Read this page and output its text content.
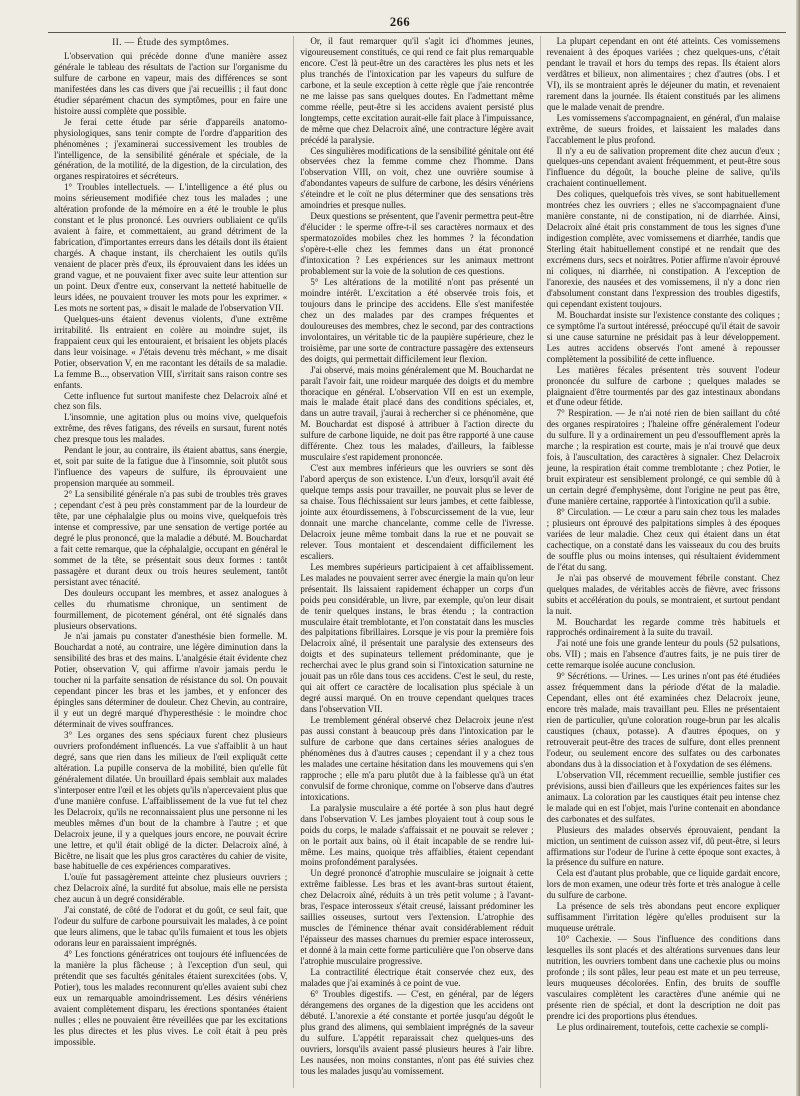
266
II. — Étude des symptômes.

L'observation qui précède donne d'une manière assez générale le tableau des résultats de l'action sur l'organisme du sulfure de carbone en vapeur, mais des différences se sont manifestées dans les cas divers que j'ai recueillis ; il faut donc étudier séparément chacun des symptômes, pour en faire une histoire aussi complète que possible.

Je ferai cette étude par série d'appareils anatomo-physiologiques, sans tenir compte de l'ordre d'apparition des phénomènes ; j'examinerai successivement les troubles de l'intelligence, de la sensibilité générale et spéciale, de la génération, de la motilité, de la digestion, de la circulation, des organes respiratoires et sécréteurs.

1° Troubles intellectuels. — L'intelligence a été plus ou moins sérieusement modifiée chez tous les malades ; une altération profonde de la mémoire en a été le trouble le plus constant et le plus prononcé. Les ouvriers oubliaient ce qu'ils avaient à faire, et commettaient, au grand détriment de la fabrication, d'importantes erreurs dans les détails dont ils étaient chargés. A chaque instant, ils cherchaient les outils qu'ils venaient de placer près d'eux, ils éprouvaient dans les idées un grand vague, et ne pouvaient fixer avec suite leur attention sur un point. Deux d'entre eux, conservant la netteté habituelle de leurs idées, ne pouvaient trouver les mots pour les exprimer. « Les mots ne sortent pas, » disait le malade de l'observation VII.

Quelques-uns étaient devenus violents, d'une extrême irritabilité. Ils entraient en colère au moindre sujet, ils frappaient ceux qui les entouraient, et brisaient les objets placés dans leur voisinage. « J'étais devenu très méchant, » me disait Potier, observation V, en me racontant les détails de sa maladie. La femme B..., observation VIII, s'irritait sans raison contre ses enfants.

Cette influence fut surtout manifeste chez Delacroix aîné et chez son fils.

L'insomnie, une agitation plus ou moins vive, quelquefois extrême, des rêves fatigans, des réveils en sursaut, furent notés chez presque tous les malades.

Pendant le jour, au contraire, ils étaient abattus, sans énergie, et, soit par suite de la fatigue due à l'insomnie, soit plutôt sous l'influence des vapeurs de sulfure, ils éprouvaient une propension marquée au sommeil.

2° La sensibilité générale n'a pas subi de troubles très graves ; cependant c'est à peu près constamment par de la lourdeur de tête, par une céphalalgie plus ou moins vive, quelquefois très intense et compressive, par une sensation de vertige portée au degré le plus prononcé, que la maladie a débuté. M. Bouchardat a fait cette remarque, que la céphalalgie, occupant en général le sommet de la tête, se présentait sous deux formes : tantôt passagère et durant deux ou trois heures seulement, tantôt persistant avec ténacité.

Des douleurs occupant les membres, et assez analogues à celles du rhumatisme chronique, un sentiment de fourmillement, de picotement général, ont été signalés dans plusieurs observations.

Je n'ai jamais pu constater d'anesthésie bien formelle. M. Bouchardat a noté, au contraire, une légère diminution dans la sensibilité des bras et des mains. L'analgésie était évidente chez Potier, observation V, qui affirme n'avoir jamais perdu le toucher ni la parfaite sensation de résistance du sol. On pouvait cependant pincer les bras et les jambes, et y enfoncer des épingles sans déterminer de douleur. Chez Chevin, au contraire, il y eut un degré marqué d'hyperesthésie : le moindre choc déterminait de vives souffrances.

3° Les organes des sens spéciaux furent chez plusieurs ouvriers profondément influencés. La vue s'affaiblit à un haut degré, sans que rien dans les milieux de l'œil expliquât cette altération. La pupille conserva de la mobilité, bien qu'elle fût généralement dilatée. Un brouillard épais semblait aux malades s'interposer entre l'œil et les objets qu'ils n'apercevaient plus que d'une manière confuse. L'affaiblissement de la vue fut tel chez les Delacroix, qu'ils ne reconnaissaient plus une personne ni les meubles mêmes d'un bout de la chambre à l'autre ; et que Delacroix jeune, il y a quelques jours encore, ne pouvait écrire une lettre, et qu'il était obligé de la dicter. Delacroix aîné, à Bicêtre, ne lisait que les plus gros caractères du cahier de visite, base habituelle de ces expériences comparatives.

L'ouïe fut passagèrement atteinte chez plusieurs ouvriers ; chez Delacroix aîné, la surdité fut absolue, mais elle ne persista chez aucun à un degré considérable.

J'ai constaté, de côté de l'odorat et du goût, ce seul fait, que l'odeur du sulfure de carbone poursuivait les malades, à ce point que leurs alimens, que le tabac qu'ils fumaient et tous les objets odorans leur en paraissaient imprégnés.

4° Les fonctions génératrices ont toujours été influencées de la manière la plus fâcheuse ; à l'exception d'un seul, qui prétendit que ses facultés génitales étaient surexcitées (obs. V, Potier), tous les malades reconnurent qu'elles avaient subi chez eux un remarquable amoindrissement. Les désirs vénériens avaient complètement disparu, les érections spontanées étaient nulles ; elles ne pouvaient être réveillées que par les excitations les plus directes et les plus vives. Le coït était à peu près impossible.

Or, il faut remarquer qu'il s'agit ici d'hommes jeunes, vigoureusement constitués, ce qui rend ce fait plus remarquable encore. C'est là peut-être un des caractères les plus nets et les plus tranchés de l'intoxication par les vapeurs du sulfure de carbone, et la seule exception à cette règle que j'aie rencontrée ne me laisse pas sans quelques doutes. En l'admettant même comme réelle, peut-être si les accidens avaient persisté plus longtemps, cette excitation aurait-elle fait place à l'impuissance, de même que chez Delacroix aîné, une contracture légère avait précédé la paralysie.

Ces singulières modifications de la sensibilité génitale ont été observées chez la femme comme chez l'homme. Dans l'observation VIII, on voit, chez une ouvrière soumise à d'abondantes vapeurs de sulfure de carbone, les désirs vénériens s'éteindre et le coït ne plus déterminer que des sensations très amoindries et presque nulles.

Deux questions se présentent, que l'avenir permettra peut-être d'élucider : le sperme offre-t-il ses caractères normaux et des spermatozoïdes mobiles chez les hommes ? la fécondation s'opère-t-elle chez les femmes dans un état prononcé d'intoxication ? Les expériences sur les animaux mettront probablement sur la voie de la solution de ces questions.

5° Les altérations de la motilité n'ont pas présenté un moindre intérêt. L'excitation a été observée trois fois, et toujours dans le principe des accidens. Elle s'est manifestée chez un des malades par des crampes fréquentes et douloureuses des membres, chez le second, par des contractions involontaires, un véritable tic de la paupière supérieure, chez le troisième, par une sorte de contracture passagère des extenseurs des doigts, qui permettait difficilement leur flexion.

J'ai observé, mais moins généralement que M. Bouchardat ne paraît l'avoir fait, une roideur marquée des doigts et du membre thoracique en général. L'observation VII en est un exemple, mais le malade était placé dans des conditions spéciales, et, dans un autre travail, j'aurai à rechercher si ce phénomène, que M. Bouchardat est disposé à attribuer à l'action directe du sulfure de carbone liquide, ne doit pas être rapporté à une cause différente. Chez tous les malades, d'ailleurs, la faiblesse musculaire s'est rapidement prononcée.

C'est aux membres inférieurs que les ouvriers se sont dès l'abord aperçus de son existence. L'un d'eux, lorsqu'il avait été quelque temps assis pour travailler, ne pouvait plus se lever de sa chaise. Tous fléchissaient sur leurs jambes, et cette faiblesse, jointe aux étourdissemens, à l'obscurcissement de la vue, leur donnait une marche chancelante, comme celle de l'ivresse. Delacroix jeune même tombait dans la rue et ne pouvait se relever. Tous montaient et descendaient difficilement les escaliers.

Les membres supérieurs participaient à cet affaiblissement. Les malades ne pouvaient serrer avec énergie la main qu'on leur présentait. Ils laissaient rapidement échapper un corps d'un poids peu considérable, un livre, par exemple, qu'on leur disait de tenir quelques instans, le bras étendu ; la contraction musculaire était tremblotante, et l'on constatait dans les muscles des palpitations fibrillaires. Lorsque je vis pour la première fois Delacroix aîné, il présentait une paralysie des extenseurs des doigts et des supinateurs tellement prédominante, que je recherchai avec le plus grand soin si l'intoxication saturnine ne jouait pas un rôle dans tous ces accidens. C'est le seul, du reste, qui ait offert ce caractère de localisation plus spéciale à un degré aussi marqué. On en trouve cependant quelques traces dans l'observation VII.

Le tremblement général observé chez Delacroix jeune n'est pas aussi constant à beaucoup près dans l'intoxication par le sulfure de carbone que dans certaines séries analogues de phénomènes dus à d'autres causes ; cependant il y a chez tous les malades une certaine hésitation dans les mouvemens qui s'en rapproche ; elle m'a paru plutôt due à la faiblesse qu'à un état convulsif de forme chronique, comme on l'observe dans d'autres intoxications.

La paralysie musculaire a été portée à son plus haut degré dans l'observation V. Les jambes ployaient tout à coup sous le poids du corps, le malade s'affaissait et ne pouvait se relever ; on le portait aux bains, où il était incapable de se rendre lui-même. Les mains, quoique très affaiblies, étaient cependant moins profondément paralysées.

Un degré prononcé d'atrophie musculaire se joignait à cette extrême faiblesse. Les bras et les avant-bras surtout étaient, chez Delacroix aîné, réduits à un très petit volume ; à l'avant-bras, l'espace interosseux s'était creusé, laissant prédominer les saillies osseuses, surtout vers l'extension. L'atrophie des muscles de l'éminence thénar avait considérablement réduit l'épaisseur des masses charnues du premier espace interosseux, et donné à la main cette forme particulière que l'on observe dans l'atrophie musculaire progressive.

La contractilité électrique était conservée chez eux, des malades que j'ai examinés à ce point de vue.

6° Troubles digestifs. — C'est, en général, par de légers dérangemens des organes de la digestion que les accidens ont débuté. L'anorexie a été constante et portée jusqu'au dégoût le plus grand des alimens, qui semblaient imprégnés de la saveur du sulfure. L'appétit reparaissait chez quelques-uns des ouvriers, lorsqu'ils avaient passé plusieurs heures à l'air libre. Les nausées, non moins constantes, n'ont pas été suivies chez tous les malades jusqu'au vomissement.

La plupart cependant en ont été atteints. Ces vomissemens revenaient à des époques variées ; chez quelques-uns, c'était pendant le travail et hors du temps des repas. Ils étaient alors verdâtres et bilieux, non alimentaires ; chez d'autres (obs. I et VI), ils se montraient après le déjeuner du matin, et revenaient rarement dans la journée. Ils étaient constitués par les alimens que le malade venait de prendre.

Les vomissemens s'accompagnaient, en général, d'un malaise extrême, de sueurs froides, et laissaient les malades dans l'accablement le plus profond.

Il n'y a eu de salivation proprement dite chez aucun d'eux ; quelques-uns cependant avaient fréquemment, et peut-être sous l'influence du dégoût, la bouche pleine de salive, qu'ils crachaient continuellement.

Des coliques, quelquefois très vives, se sont habituellement montrées chez les ouvriers ; elles ne s'accompagnaient d'une manière constante, ni de constipation, ni de diarrhée. Ainsi, Delacroix aîné était pris constamment de tous les signes d'une indigestion complète, avec vomissemens et diarrhée, tandis que Sterling était habituellement constipé et ne rendait que des excrémens durs, secs et noirâtres. Potier affirme n'avoir éprouvé ni coliques, ni diarrhée, ni constipation. A l'exception de l'anorexie, des nausées et des vomissemens, il n'y a donc rien d'absolument constant dans l'expression des troubles digestifs, qui cependant existent toujours.

M. Bouchardat insiste sur l'existence constante des coliques ; ce symptôme l'a surtout intéressé, préoccupé qu'il était de savoir si une cause saturnine ne présidait pas à leur développement. Les autres accidens observés l'ont amené à repousser complètement la possibilité de cette influence.

Les matières fécales présentent très souvent l'odeur prononcée du sulfure de carbone ; quelques malades se plaignaient d'être tourmentés par des gaz intestinaux abondans et d'une odeur fétide.

7° Respiration. — Je n'ai noté rien de bien saillant du côté des organes respiratoires ; l'haleine offre généralement l'odeur du sulfure. Il y a ordinairement un peu d'essoufflement après la marche ; la respiration est courte, mais je n'ai trouvé que deux fois, à l'auscultation, des caractères à signaler. Chez Delacroix jeune, la respiration était comme tremblotante ; chez Potier, le bruit expirateur est sensiblement prolongé, ce qui semble dû à un certain degré d'emphysème, dont l'origine ne peut pas être, d'une manière certaine, rapportée à l'intoxication qu'il a subie.

8° Circulation. — Le cœur a paru sain chez tous les malades ; plusieurs ont éprouvé des palpitations simples à des époques variées de leur maladie. Chez ceux qui étaient dans un état cachectique, on a constaté dans les vaisseaux du cou des bruits de souffle plus ou moins intenses, qui résultaient évidemment de l'état du sang.

Je n'ai pas observé de mouvement fébrile constant. Chez quelques malades, de véritables accès de fièvre, avec frissons subits et accélération du pouls, se montraient, et surtout pendant la nuit.

M. Bouchardat les regarde comme très habituels et rapprochés ordinairement à la suite du travail.

J'ai noté une fois une grande lenteur du pouls (52 pulsations, obs. VII) ; mais en l'absence d'autres faits, je ne puis tirer de cette remarque isolée aucune conclusion.

9° Sécrétions. — Urines. — Les urines n'ont pas été étudiées assez fréquemment dans la période d'état de la maladie. Cependant, elles ont été examinées chez Delacroix jeune, encore très malade, mais travaillant peu. Elles ne présentaient rien de particulier, qu'une coloration rouge-brun par les alcalis caustiques (chaux, potasse). A d'autres époques, on y retrouverait peut-être des traces de sulfure, dont elles prennent l'odeur, ou seulement encore des sulfates ou des carbonates abondans dus à la dissociation et à l'oxydation de ses élémens.

L'observation VII, récemment recueillie, semble justifier ces prévisions, aussi bien d'ailleurs que les expériences faites sur les animaux. La coloration par les caustiques était peu intense chez le malade qui en est l'objet, mais l'urine contenait en abondance des carbonates et des sulfates.

Plusieurs des malades observés éprouvaient, pendant la miction, un sentiment de cuisson assez vif, dû peut-être, si leurs affirmations sur l'odeur de l'urine à cette époque sont exactes, à la présence du sulfure en nature.

Cela est d'autant plus probable, que ce liquide gardait encore, lors de mon examen, une odeur très forte et très analogue à celle du sulfure de carbone.

La présence de sels très abondans peut encore expliquer suffisamment l'irritation légère qu'elles produisent sur la muqueuse urétrale.

10° Cachexie. — Sous l'influence des conditions dans lesquelles ils sont placés et des altérations survenues dans leur nutrition, les ouvriers tombent dans une cachexie plus ou moins profonde ; ils sont pâles, leur peau est mate et un peu terreuse, leurs muqueuses décolorées. Enfin, des bruits de souffle vasculaires complètent les caractères d'une anémie qui ne présente rien de spécial, et dont la description ne doit pas prendre ici des proportions plus étendues.

Le plus ordinairement, toutefois, cette cachexie se compli-
